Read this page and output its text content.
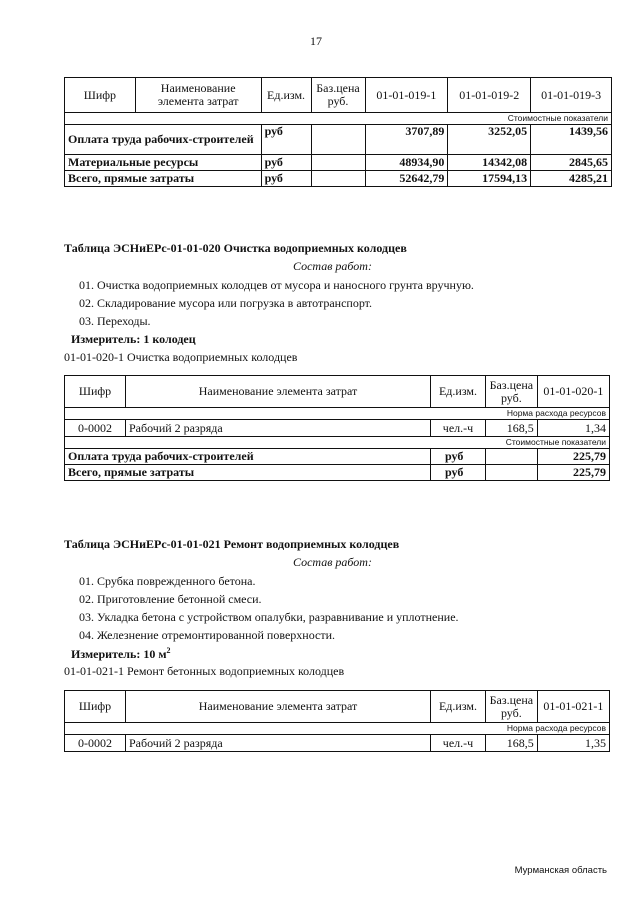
17
Шифр	Наименование элемента затрат	Ед.изм.	Баз.цена руб.	01-01-019-1	01-01-019-2	01-01-019-3
Стоимостные показатели						
Оплата труда рабочих-строителей		руб		3707,89	3252,05	1439,56
Материальные ресурсы		руб		48934,90	14342,08	2845,65
Всего, прямые затраты		руб		52642,79	17594,13	4285,21
Таблица ЭСНиЕРс-01-01-020 Очистка водоприемных колодцев
Состав работ:
01. Очистка водоприемных колодцев от мусора и наносного грунта вручную.
02. Складирование мусора или погрузка в автотранспорт.
03. Переходы.
Измеритель: 1 колодец
01-01-020-1 Очистка водоприемных колодцев
Шифр	Наименование элемента затрат	Ед.изм.	Баз.цена руб.	01-01-020-1
Норма расхода ресурсов				
0-0002	Рабочий 2 разряда	чел.-ч	168,5	1,34
Стоимостные показатели				
Оплата труда рабочих-строителей		руб		225,79
Всего, прямые затраты		руб		225,79
Таблица ЭСНиЕРс-01-01-021 Ремонт водоприемных колодцев
Состав работ:
01. Срубка поврежденного бетона.
02. Приготовление бетонной смеси.
03. Укладка бетона с устройством опалубки, разравнивание и уплотнение.
04. Железнение отремонтированной поверхности.
Измеритель: 10 $м^2$
01-01-021-1 Ремонт бетонных водоприемных колодцев
Шифр	Наименование элемента затрат	Ед.изм.	Баз.цена руб.	01-01-021-1
Норма расхода ресурсов				
0-0002	Рабочий 2 разряда	чел.-ч	168,5	1,35
Мурманская область
